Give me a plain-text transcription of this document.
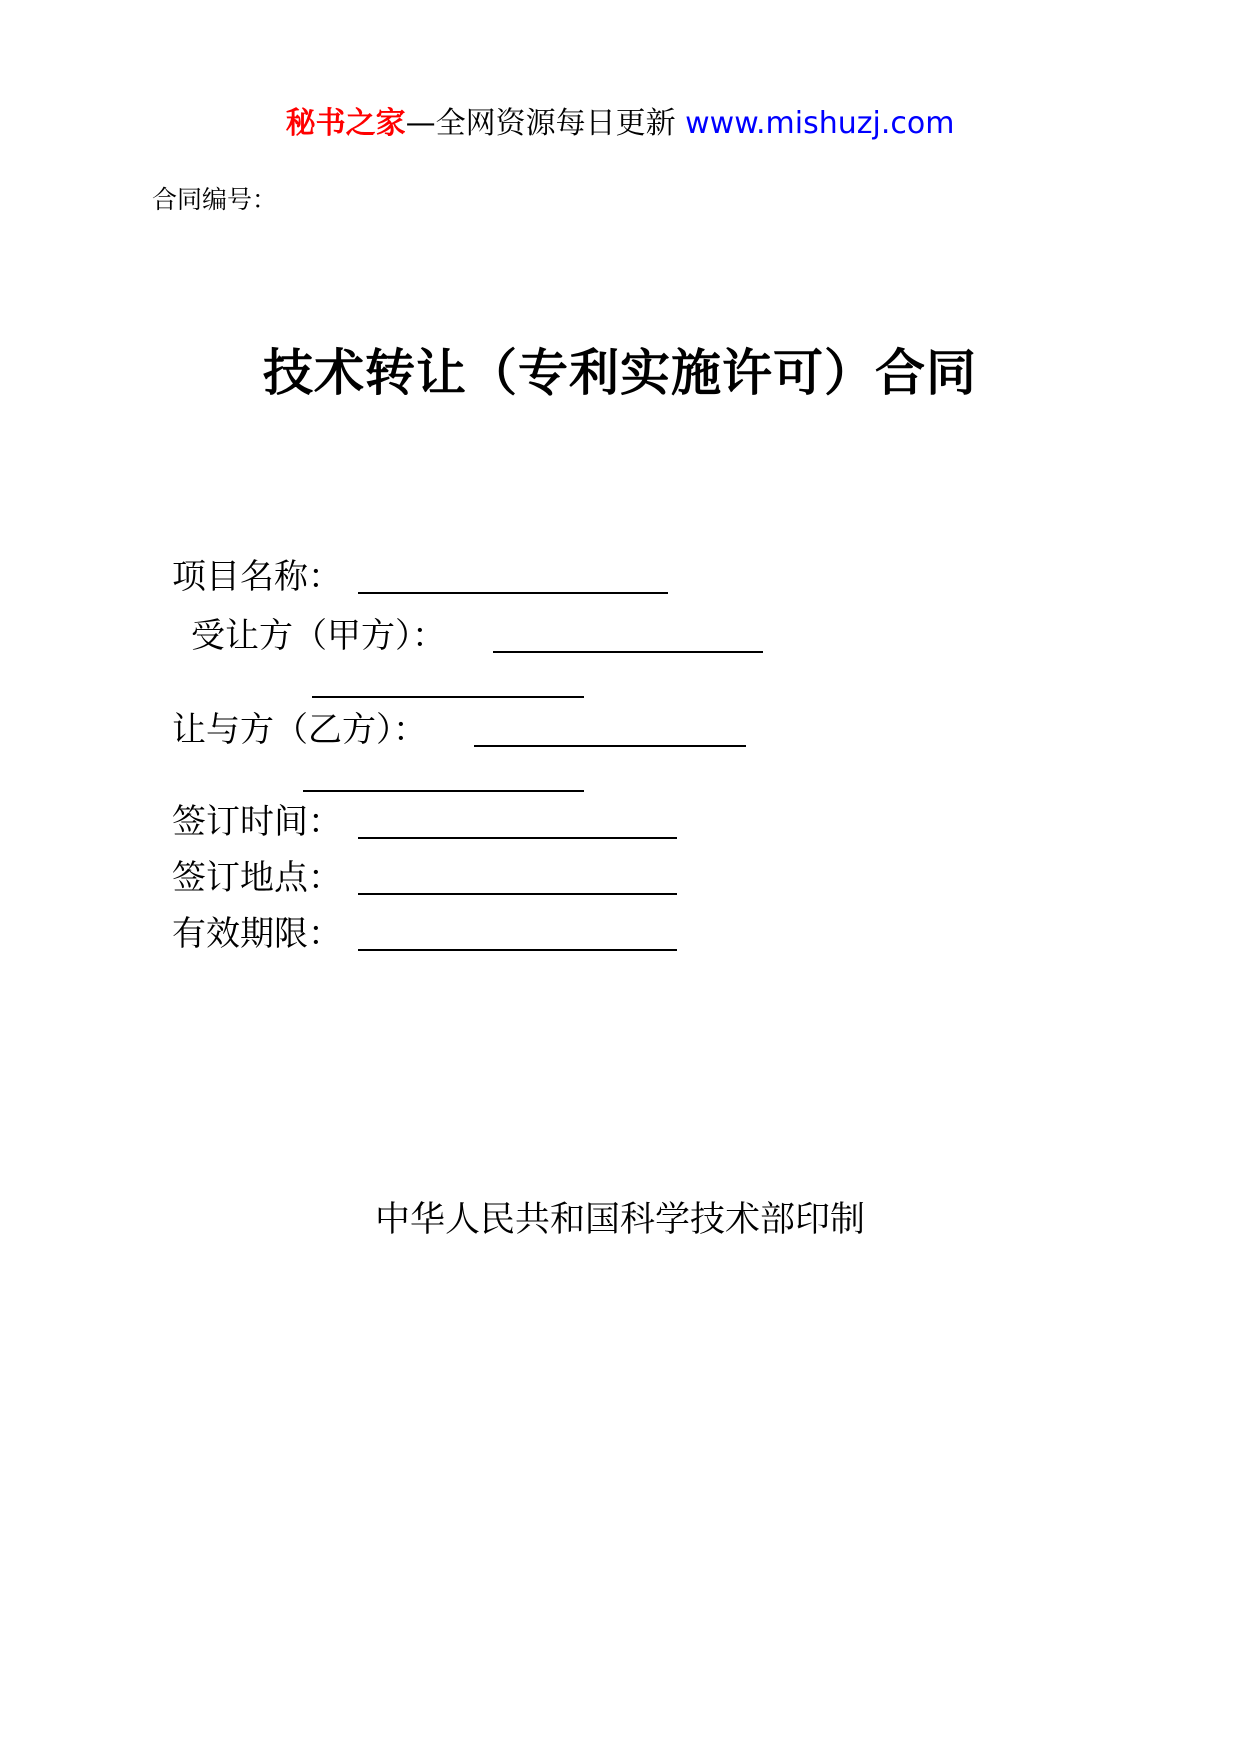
秘书之家—全网资源每日更新 www.mishuzj.com
合同编号：
技术转让（专利实施许可）合同
项目名称：
受让方（甲方）：
让与方（乙方）：
签订时间：
签订地点：
有效期限：
中华人民共和国科学技术部印制
